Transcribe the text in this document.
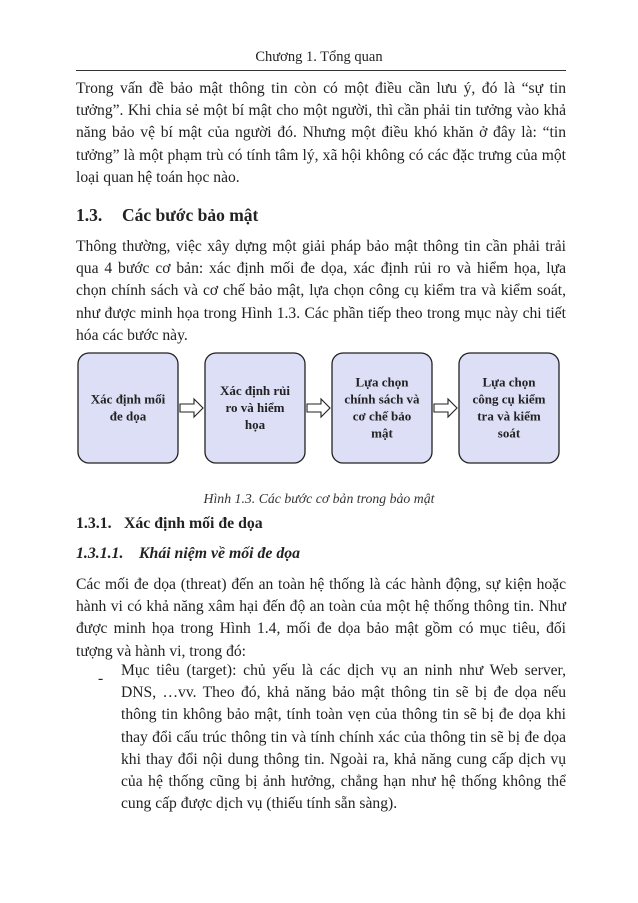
Chương 1. Tổng quan

Trong vấn đề bảo mật thông tin còn có một điều cần lưu ý, đó là “sự tin tưởng”. Khi chia sẻ một bí mật cho một người, thì cần phải tin tưởng vào khả năng bảo vệ bí mật của người đó. Nhưng một điều khó khăn ở đây là: “tin tưởng” là một phạm trù có tính tâm lý, xã hội không có các đặc trưng của một loại quan hệ toán học nào.

1.3. Các bước bảo mật

Thông thường, việc xây dựng một giải pháp bảo mật thông tin cần phải trải qua 4 bước cơ bản: xác định mối đe dọa, xác định rủi ro và hiểm họa, lựa chọn chính sách và cơ chế bảo mật, lựa chọn công cụ kiểm tra và kiểm soát, như được minh họa trong Hình 1.3. Các phần tiếp theo trong mục này chi tiết hóa các bước này.

Xác định mối
đe dọa
Xác định rủi
ro và hiểm
họa
Lựa chọn
chính sách và
cơ chế bảo
mật
Lựa chọn
công cụ kiểm
tra và kiểm
soát
Hình 1.3. Các bước cơ bản trong bảo mật
1.3.1. Xác định mối đe dọa
1.3.1.1. Khái niệm về mối đe dọa

Các mối đe dọa (threat) đến an toàn hệ thống là các hành động, sự kiện hoặc hành vi có khả năng xâm hại đến độ an toàn của một hệ thống thông tin. Như được minh họa trong Hình 1.4, mối đe dọa bảo mật gồm có mục tiêu, đối tượng và hành vi, trong đó:

- Mục tiêu (target): chủ yếu là các dịch vụ an ninh như Web server, DNS, …vv. Theo đó, khả năng bảo mật thông tin sẽ bị đe dọa nếu thông tin không bảo mật, tính toàn vẹn của thông tin sẽ bị đe dọa khi thay đổi cấu trúc thông tin và tính chính xác của thông tin sẽ bị đe dọa khi thay đổi nội dung thông tin. Ngoài ra, khả năng cung cấp dịch vụ của hệ thống cũng bị ảnh hưởng, chẳng hạn như hệ thống không thể cung cấp được dịch vụ (thiếu tính sẵn sàng).
